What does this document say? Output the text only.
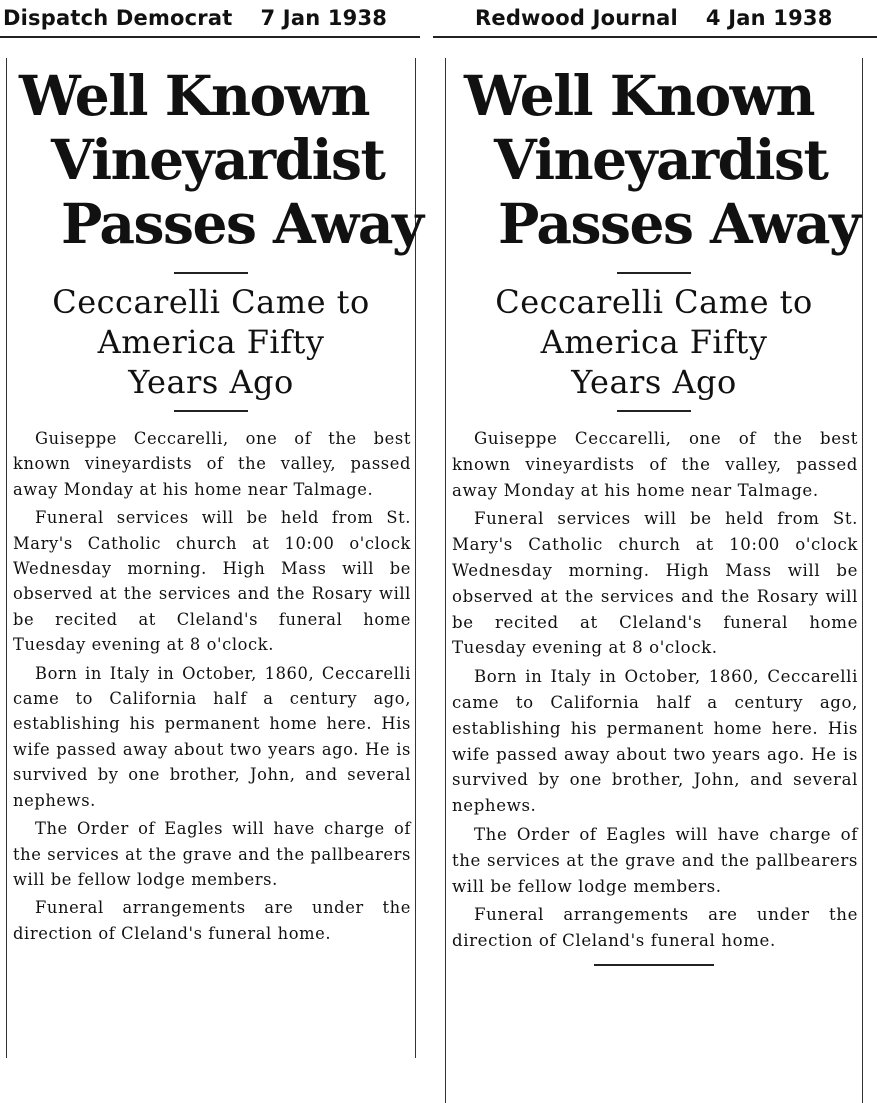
Dispatch Democrat 7 Jan 1938
Well Known
Vineyardist
Passes Away
Ceccarelli Came to
America Fifty
Years Ago

Guiseppe Ceccarelli, one of the best known vineyardists of the valley, passed away Monday at his home near Talmage.

Funeral services will be held from St. Mary's Catholic church at 10:00 o'clock Wednesday morning. High Mass will be observed at the services and the Rosary will be recited at Cleland's funeral home Tuesday evening at 8 o'clock.

Born in Italy in October, 1860, Ceccarelli came to California half a century ago, establishing his permanent home here. His wife passed away about two years ago. He is survived by one brother, John, and several nephews.

The Order of Eagles will have charge of the services at the grave and the pallbearers will be fellow lodge members.

Funeral arrangements are under the direction of Cleland's funeral home.

Redwood Journal 4 Jan 1938
Well Known
Vineyardist
Passes Away
Ceccarelli Came to
America Fifty
Years Ago

Guiseppe Ceccarelli, one of the best known vineyardists of the valley, passed away Monday at his home near Talmage.

Funeral services will be held from St. Mary's Catholic church at 10:00 o'clock Wednesday morning. High Mass will be observed at the services and the Rosary will be recited at Cleland's funeral home Tuesday evening at 8 o'clock.

Born in Italy in October, 1860, Ceccarelli came to California half a century ago, establishing his permanent home here. His wife passed away about two years ago. He is survived by one brother, John, and several nephews.

The Order of Eagles will have charge of the services at the grave and the pallbearers will be fellow lodge members.

Funeral arrangements are under the direction of Cleland's funeral home.
